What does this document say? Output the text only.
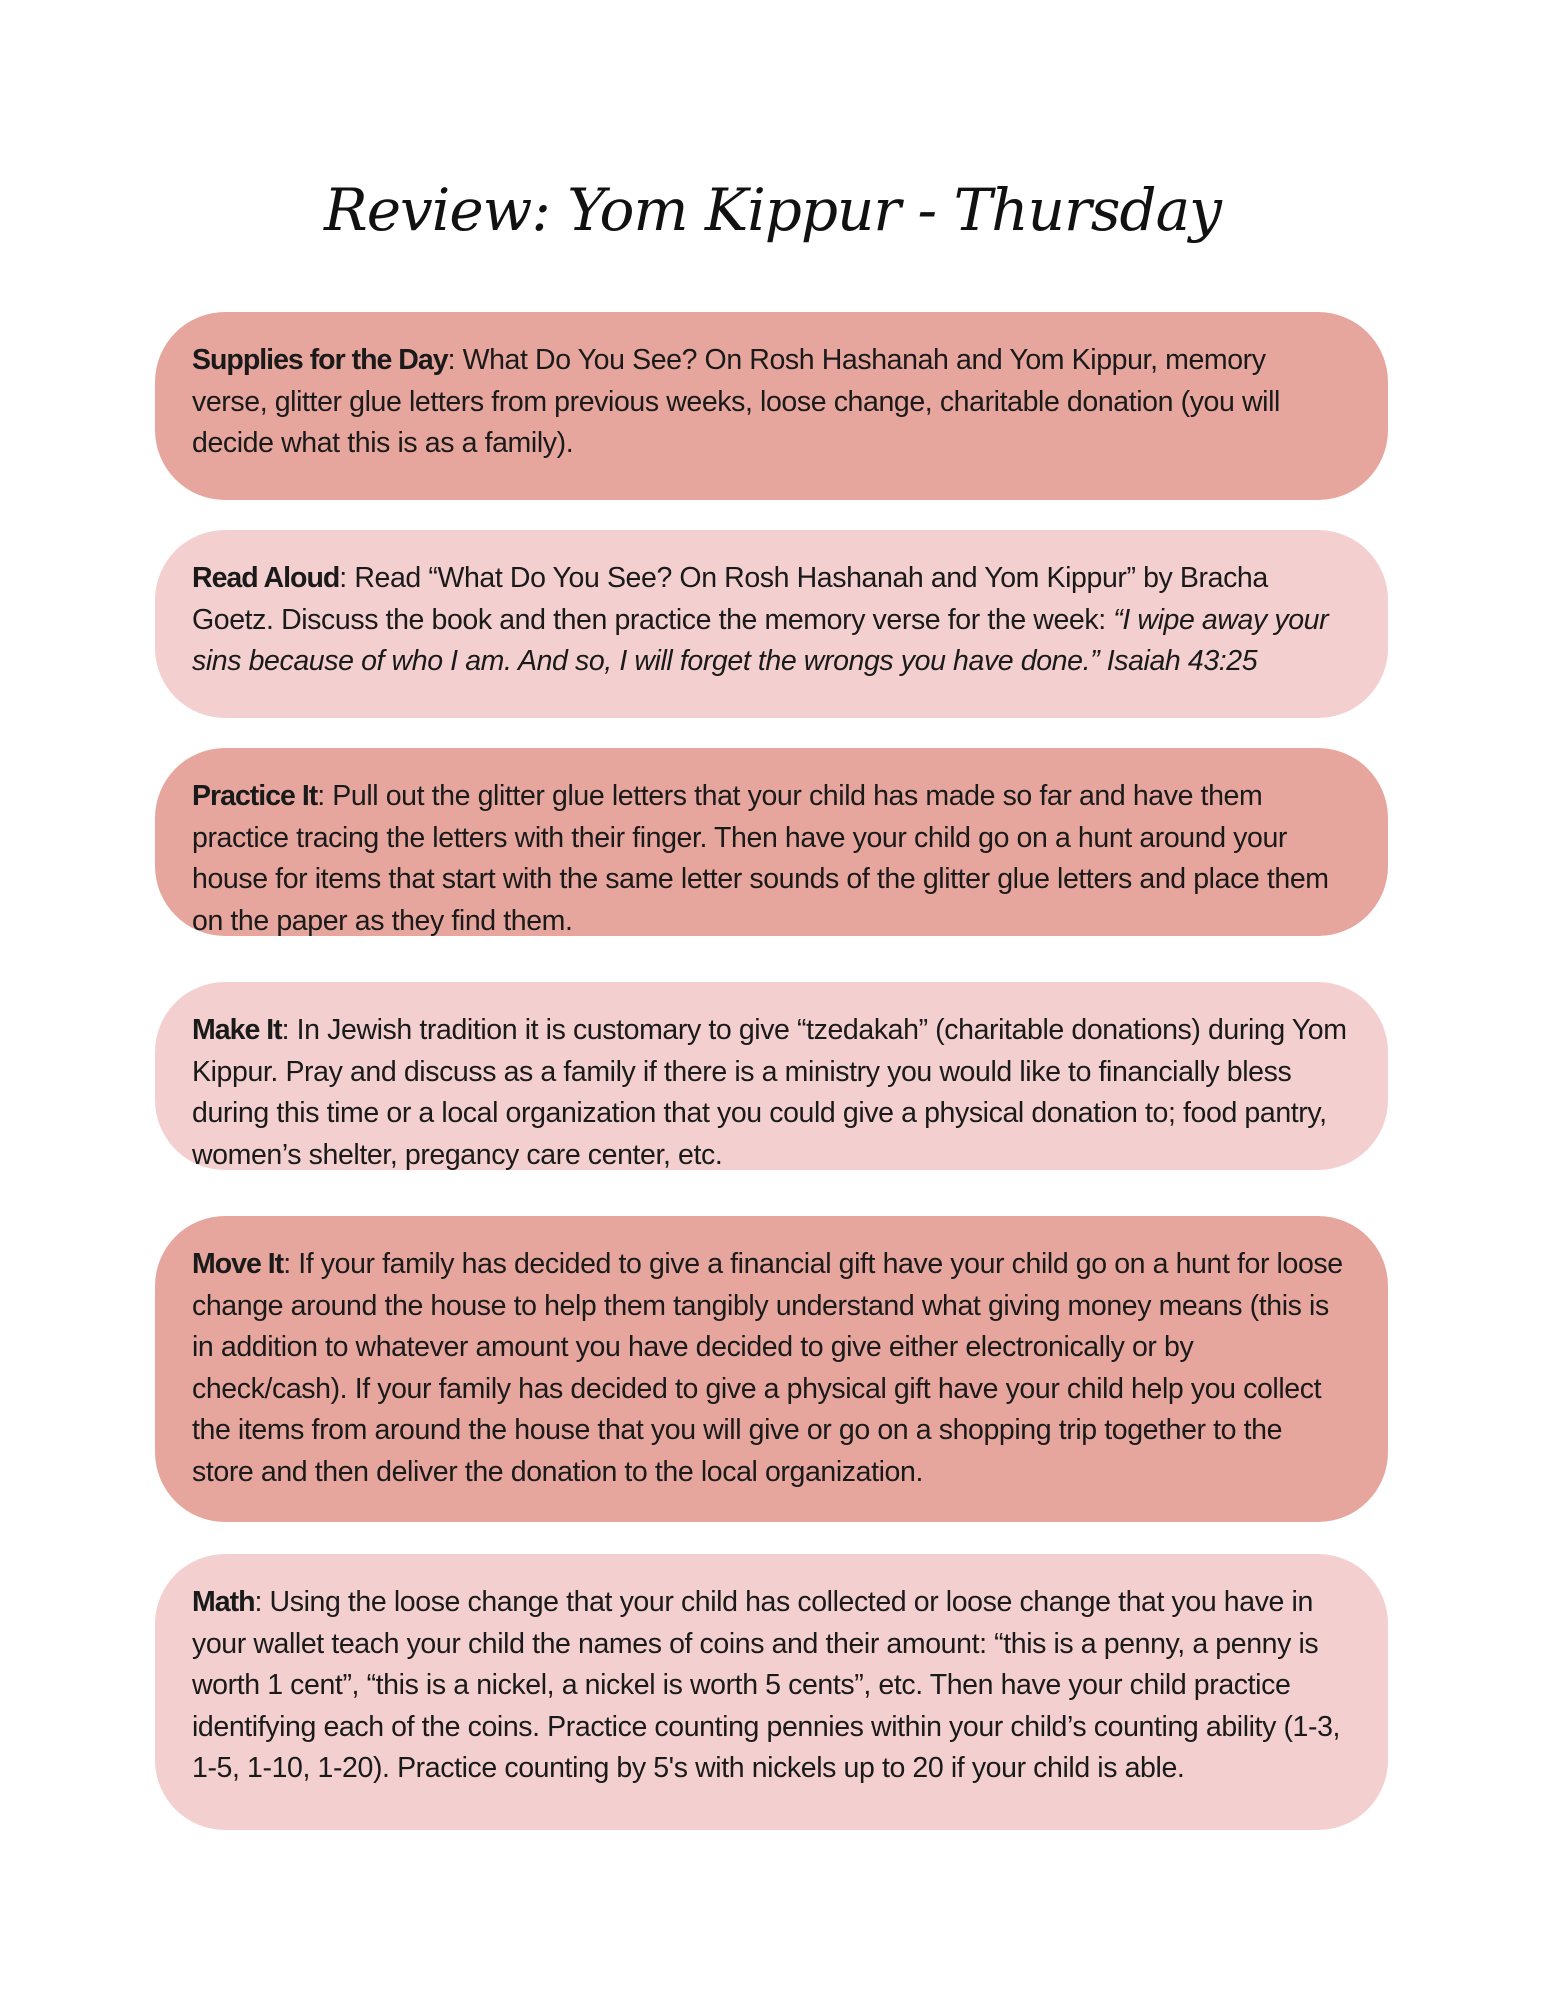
Review: Yom Kippur - Thursday
Supplies for the Day: What Do You See? On Rosh Hashanah and Yom Kippur, memory verse, glitter glue letters from previous weeks, loose change, charitable donation (you will decide what this is as a family).
Read Aloud: Read “What Do You See? On Rosh Hashanah and Yom Kippur” by Bracha Goetz. Discuss the book and then practice the memory verse for the week: “I wipe away your sins because of who I am. And so, I will forget the wrongs you have done.” Isaiah 43:25
Practice It: Pull out the glitter glue letters that your child has made so far and have them practice tracing the letters with their finger. Then have your child go on a hunt around your house for items that start with the same letter sounds of the glitter glue letters and place them on the paper as they find them.
Make It: In Jewish tradition it is customary to give “tzedakah” (charitable donations) during Yom Kippur. Pray and discuss as a family if there is a ministry you would like to financially bless during this time or a local organization that you could give a physical donation to; food pantry, women’s shelter, pregancy care center, etc.
Move It: If your family has decided to give a financial gift have your child go on a hunt for loose change around the house to help them tangibly understand what giving money means (this is in addition to whatever amount you have decided to give either electronically or by check/cash). If your family has decided to give a physical gift have your child help you collect the items from around the house that you will give or go on a shopping trip together to the store and then deliver the donation to the local organization.
Math: Using the loose change that your child has collected or loose change that you have in your wallet teach your child the names of coins and their amount: “this is a penny, a penny is worth 1 cent”, “this is a nickel, a nickel is worth 5 cents”, etc. Then have your child practice identifying each of the coins. Practice counting pennies within your child’s counting ability (1-3, 1-5, 1-10, 1-20). Practice counting by 5's with nickels up to 20 if your child is able.
